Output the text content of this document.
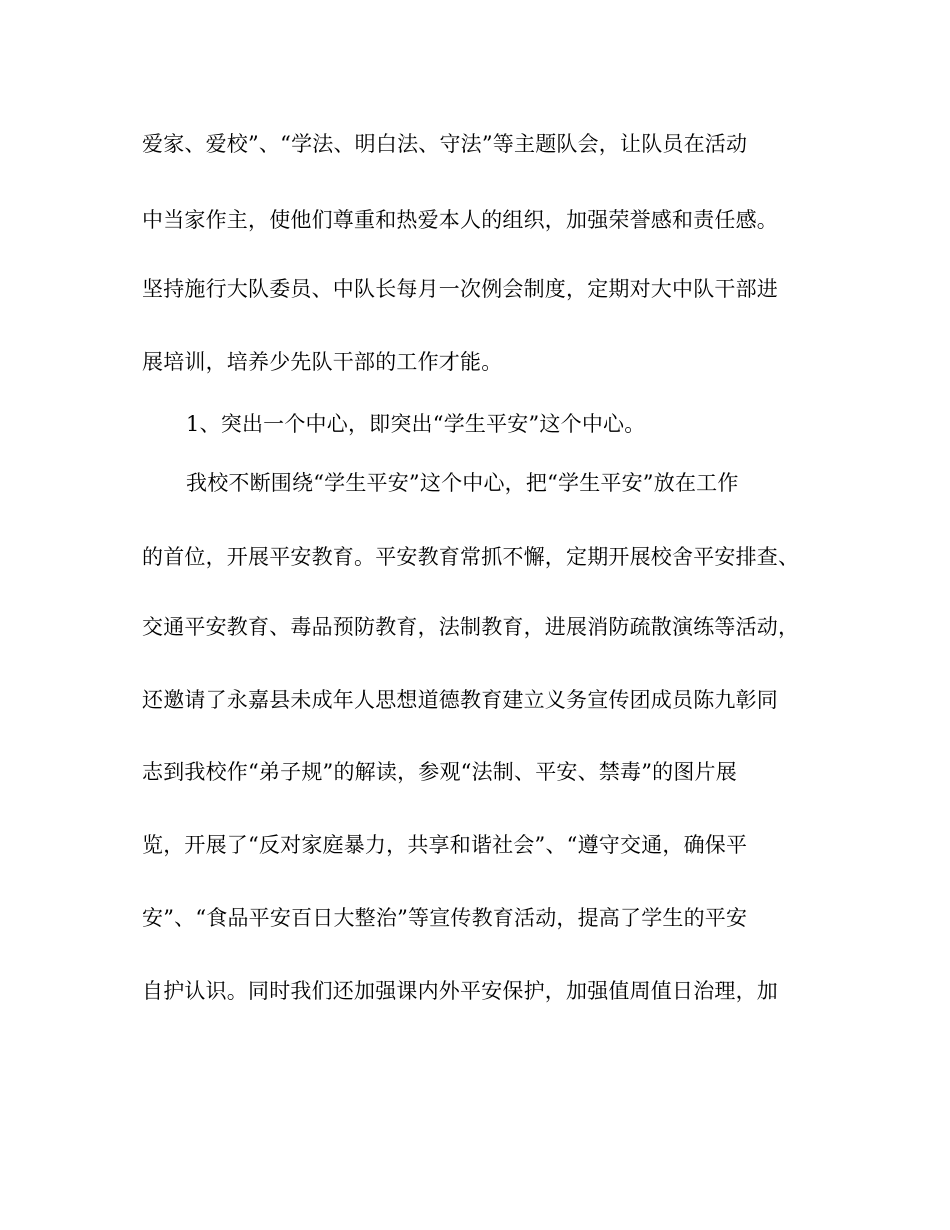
爱家、爱校”、“学法、明白法、守法”等主题队会，让队员在活动
中当家作主，使他们尊重和热爱本人的组织，加强荣誉感和责任感。
坚持施行大队委员、中队长每月一次例会制度，定期对大中队干部进
展培训，培养少先队干部的工作才能。
1、突出一个中心，即突出“学生平安”这个中心。
我校不断围绕“学生平安”这个中心，把“学生平安”放在工作
的首位，开展平安教育。平安教育常抓不懈，定期开展校舍平安排查、
交通平安教育、毒品预防教育，法制教育，进展消防疏散演练等活动，
还邀请了永嘉县未成年人思想道德教育建立义务宣传团成员陈九彰同
志到我校作“弟子规”的解读，参观“法制、平安、禁毒”的图片展
览，开展了“反对家庭暴力，共享和谐社会”、“遵守交通，确保平
安”、“食品平安百日大整治”等宣传教育活动，提高了学生的平安
自护认识。同时我们还加强课内外平安保护，加强值周值日治理，加
